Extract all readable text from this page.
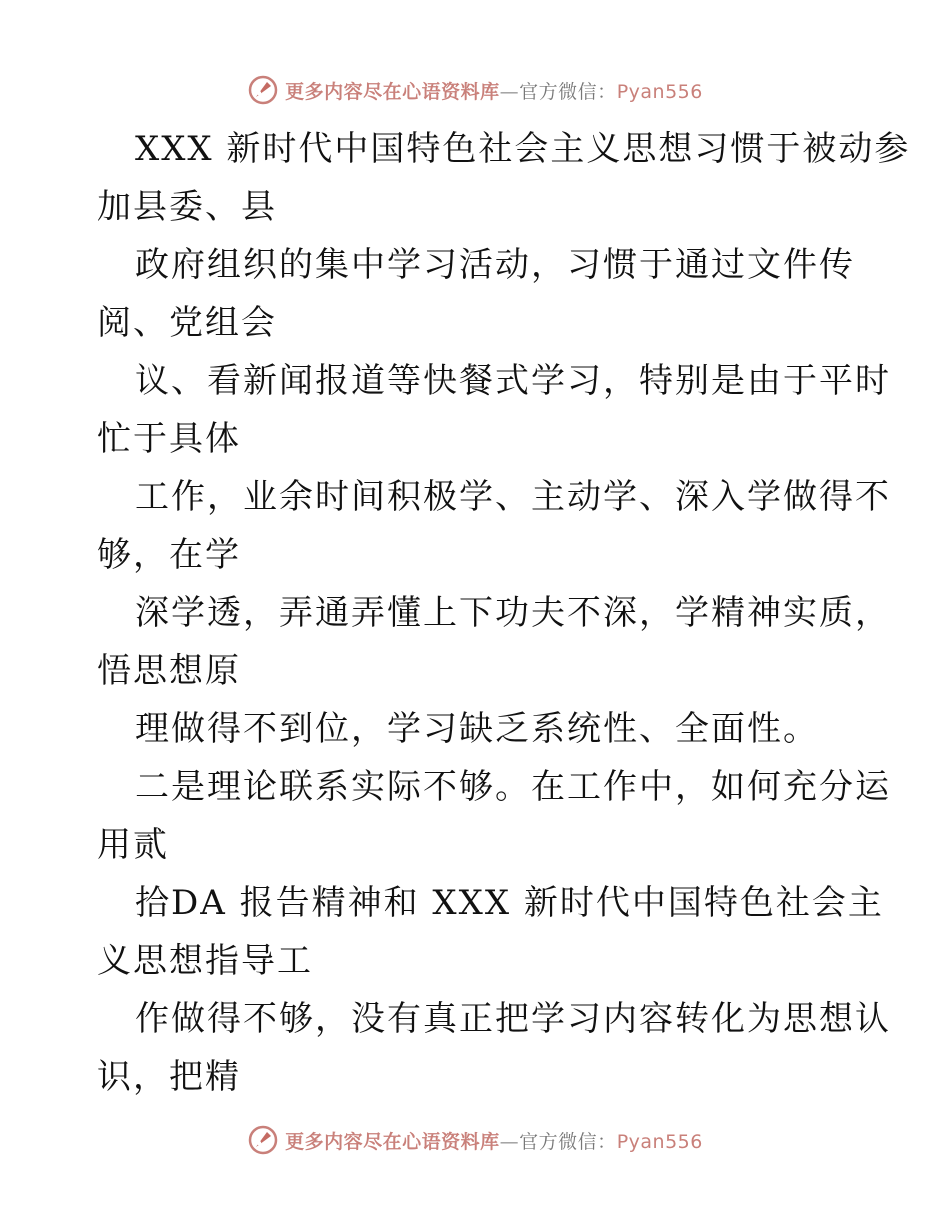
更多内容尽在心语资料库—官方微信：Pyan556
XXX 新时代中国特色社会主义思想习惯于被动参
加县委、县
政府组织的集中学习活动，习惯于通过文件传
阅、党组会
议、看新闻报道等快餐式学习，特别是由于平时
忙于具体
工作，业余时间积极学、主动学、深入学做得不
够，在学
深学透，弄通弄懂上下功夫不深，学精神实质，
悟思想原
理做得不到位，学习缺乏系统性、全面性。
二是理论联系实际不够。在工作中，如何充分运
用贰
拾DA 报告精神和 XXX 新时代中国特色社会主
义思想指导工
作做得不够，没有真正把学习内容转化为思想认
识，把精
更多内容尽在心语资料库—官方微信：Pyan556
